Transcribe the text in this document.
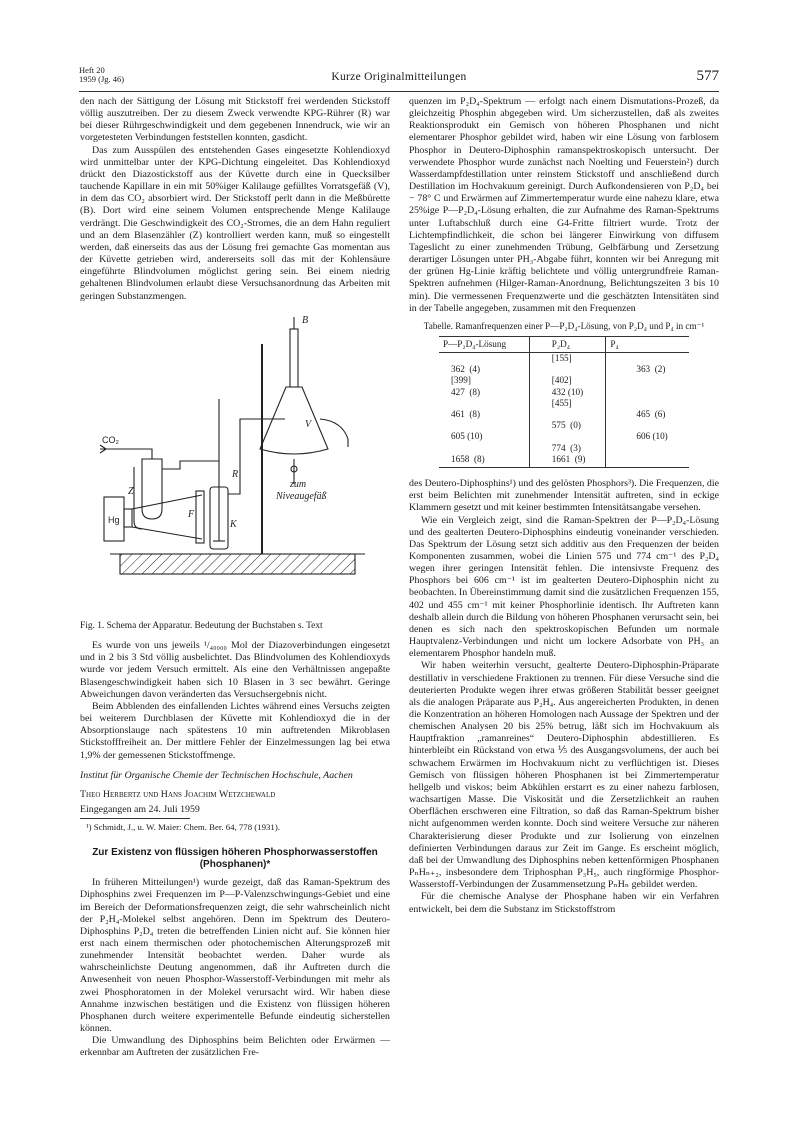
Heft 20
1959 (Jg. 46)	Kurze Originalmitteilungen	577

den nach der Sättigung der Lösung mit Stickstoff frei werdenden Stickstoff völlig auszutreiben. Der zu diesem Zweck verwendte KPG-Rührer (R) war bei dieser Rührgeschwindigkeit und dem gegebenen Innendruck, wie wir an vorgetesteten Verbindungen feststellen konnten, gasdicht.

Das zum Ausspülen des entstehenden Gases eingesetzte Kohlendioxyd wird unmittelbar unter der KPG-Dichtung eingeleitet. Das Kohlendioxyd drückt den Diazostickstoff aus der Küvette durch eine in Quecksilber tauchende Kapillare in ein mit 50%iger Kalilauge gefülltes Vorratsgefäß (V), in dem das CO₂ absorbiert wird. Der Stickstoff perlt dann in die Meßbürette (B). Dort wird eine seinem Volumen entsprechende Menge Kalilauge verdrängt. Die Geschwindigkeit des CO₂-Stromes, die an dem Hahn reguliert und an dem Blasenzähler (Z) kontrolliert werden kann, muß so eingestellt werden, daß einerseits das aus der Lösung frei gemachte Gas momentan aus der Küvette getrieben wird, andererseits soll das mit der Kohlensäure eingeführte Blindvolumen möglichst gering sein. Bei einem niedrig gehaltenen Blindvolumen erlaubt diese Versuchsanordnung das Arbeiten mit geringen Substanzmengen.

B
V
R
Z
F
K
zum
Niveaugefäß
Hg
CO₂

Fig. 1. Schema der Apparatur. Bedeutung der Buchstaben s. Text

Es wurde von uns jeweils ¹/₄₀₀₀₀ Mol der Diazoverbindungen eingesetzt und in 2 bis 3 Std völlig ausbelichtet. Das Blindvolumen des Kohlendioxyds wurde vor jedem Versuch ermittelt. Als eine den Verhältnissen angepaßte Blasengeschwindigkeit haben sich 10 Blasen in 3 sec bewährt. Geringe Abweichungen davon veränderten das Versuchsergebnis nicht.

Beim Abblenden des einfallenden Lichtes während eines Versuchs zeigten bei weiterem Durchblasen der Küvette mit Kohlendioxyd die in der Absorptionslauge nach spätestens 10 min auftretenden Mikroblasen Stickstofffreiheit an. Der mittlere Fehler der Einzelmessungen lag bei etwa 1,9% der gemessenen Stickstoffmenge.

Institut für Organische Chemie der Technischen Hochschule, Aachen

Theo Herbertz und Hans Joachim Wetzchewald

Eingegangen am 24. Juli 1959

¹) Schmidt, J., u. W. Maier: Chem. Ber. 64, 778 (1931).

Zur Existenz von flüssigen höheren Phosphorwasserstoffen (Phosphanen)*

In früheren Mitteilungen¹) wurde gezeigt, daß das Raman-Spektrum des Diphosphins zwei Frequenzen im P—P-Valenzschwingungs-Gebiet und eine im Bereich der Deformationsfrequenzen zeigt, die sehr wahrscheinlich nicht der P₂H₄-Molekel selbst angehören. Denn im Spektrum des Deutero-Diphosphins P₂D₄ treten die betreffenden Linien nicht auf. Sie können hier erst nach einem thermischen oder photochemischen Alterungsprozeß mit zunehmender Intensität beobachtet werden. Daher wurde als wahrscheinlichste Deutung angenommen, daß ihr Auftreten durch die Anwesenheit von neuen Phosphor-Wasserstoff-Verbindungen mit mehr als zwei Phosphoratomen in der Molekel verursacht wird. Wir haben diese Annahme inzwischen bestätigen und die Existenz von flüssigen höheren Phosphanen durch weitere experimentelle Befunde eindeutig sicherstellen können.

Die Umwandlung des Diphosphins beim Belichten oder Erwärmen — erkennbar am Auftreten der zusätzlichen Fre-

quenzen im P₂D₄-Spektrum — erfolgt nach einem Dismutations-Prozeß, da gleichzeitig Phosphin abgegeben wird. Um sicherzustellen, daß als zweites Reaktionsprodukt ein Gemisch von höheren Phosphanen und nicht elementarer Phosphor gebildet wird, haben wir eine Lösung von farblosem Phosphor in Deutero-Diphosphin ramanspektroskopisch untersucht. Der verwendete Phosphor wurde zunächst nach Noelting und Feuerstein²) durch Wasserdampfdestillation unter reinstem Stickstoff und anschließend durch Destillation im Hochvakuum gereinigt. Durch Aufkondensieren von P₂D₄ bei − 78° C und Erwärmen auf Zimmertemperatur wurde eine nahezu klare, etwa 25%ige P—P₂D₄-Lösung erhalten, die zur Aufnahme des Raman-Spektrums unter Luftabschluß durch eine G4-Fritte filtriert wurde. Trotz der Lichtempfindlichkeit, die schon bei längerer Einwirkung von diffusem Tageslicht zu einer zunehmenden Trübung, Gelbfärbung und Zersetzung derartiger Lösungen unter PH₃-Abgabe führt, konnten wir bei Anregung mit der grünen Hg-Linie kräftig belichtete und völlig untergrundfreie Raman-Spektren aufnehmen (Hilger-Raman-Anordnung, Belichtungszeiten 3 bis 10 min). Die vermessenen Frequenzwerte und die geschätzten Intensitäten sind in der Tabelle angegeben, zusammen mit den Frequenzen

Tabelle. Ramanfrequenzen einer P—P₂D₄-Lösung, von P₂D₄ und P₄ in cm⁻¹

P—P₂D₄-Lösung	P₂D₄	P₄
	[155]	
362  (4)		363  (2)
[399]	[402]	
427  (8)	432 (10)	
	[455]	
461  (8)		465  (6)
	575  (0)	
605 (10)		606 (10)
	774  (3)	
1658  (8)	1661  (9)	

des Deutero-Diphosphins¹) und des gelösten Phosphors³). Die Frequenzen, die erst beim Belichten mit zunehmender Intensität auftreten, sind in eckige Klammern gesetzt und mit keiner bestimmten Intensitätsangabe versehen.

Wie ein Vergleich zeigt, sind die Raman-Spektren der P—P₂D₄-Lösung und des gealterten Deutero-Diphosphins eindeutig voneinander verschieden. Das Spektrum der Lösung setzt sich additiv aus den Frequenzen der beiden Komponenten zusammen, wobei die Linien 575 und 774 cm⁻¹ des P₂D₄ wegen ihrer geringen Intensität fehlen. Die intensivste Frequenz des Phosphors bei 606 cm⁻¹ ist im gealterten Deutero-Diphosphin nicht zu beobachten. In Übereinstimmung damit sind die zusätzlichen Frequenzen 155, 402 und 455 cm⁻¹ mit keiner Phosphorlinie identisch. Ihr Auftreten kann deshalb allein durch die Bildung von höheren Phosphanen verursacht sein, bei denen es sich nach den spektroskopischen Befunden um normale Hauptvalenz-Verbindungen und nicht um lockere Adsorbate von PH₃ an elementarem Phosphor handeln muß.

Wir haben weiterhin versucht, gealterte Deutero-Diphosphin-Präparate destillativ in verschiedene Fraktionen zu trennen. Für diese Versuche sind die deuterierten Produkte wegen ihrer etwas größeren Stabilität besser geeignet als die analogen Präparate aus P₂H₄. Aus angereicherten Produkten, in denen die Konzentration an höheren Homologen nach Aussage der Spektren und der chemischen Analysen 20 bis 25% betrug, läßt sich im Hochvakuum als Hauptfraktion „ramanreines“ Deutero-Diphosphin abdestillieren. Es hinterbleibt ein Rückstand von etwa ⅕ des Ausgangsvolumens, der auch bei schwachem Erwärmen im Hochvakuum nicht zu verflüchtigen ist. Dieses Gemisch von flüssigen höheren Phosphanen ist bei Zimmertemperatur hellgelb und viskos; beim Abkühlen erstarrt es zu einer nahezu farblosen, wachsartigen Masse. Die Viskosität und die Zersetzlichkeit an rauhen Oberflächen erschweren eine Filtration, so daß das Raman-Spektrum bisher nicht aufgenommen werden konnte. Doch sind weitere Versuche zur näheren Charakterisierung dieser Produkte und zur Isolierung von einzelnen definierten Verbindungen daraus zur Zeit im Gange. Es erscheint möglich, daß bei der Umwandlung des Diphosphins neben kettenförmigen Phosphanen PₙHₙ₊₂, insbesondere dem Triphosphan P₃H₅, auch ringförmige Phosphor-Wasserstoff-Verbindungen der Zusammensetzung PₙHₙ gebildet werden.

Für die chemische Analyse der Phosphane haben wir ein Verfahren entwickelt, bei dem die Substanz im Stickstoffstrom
